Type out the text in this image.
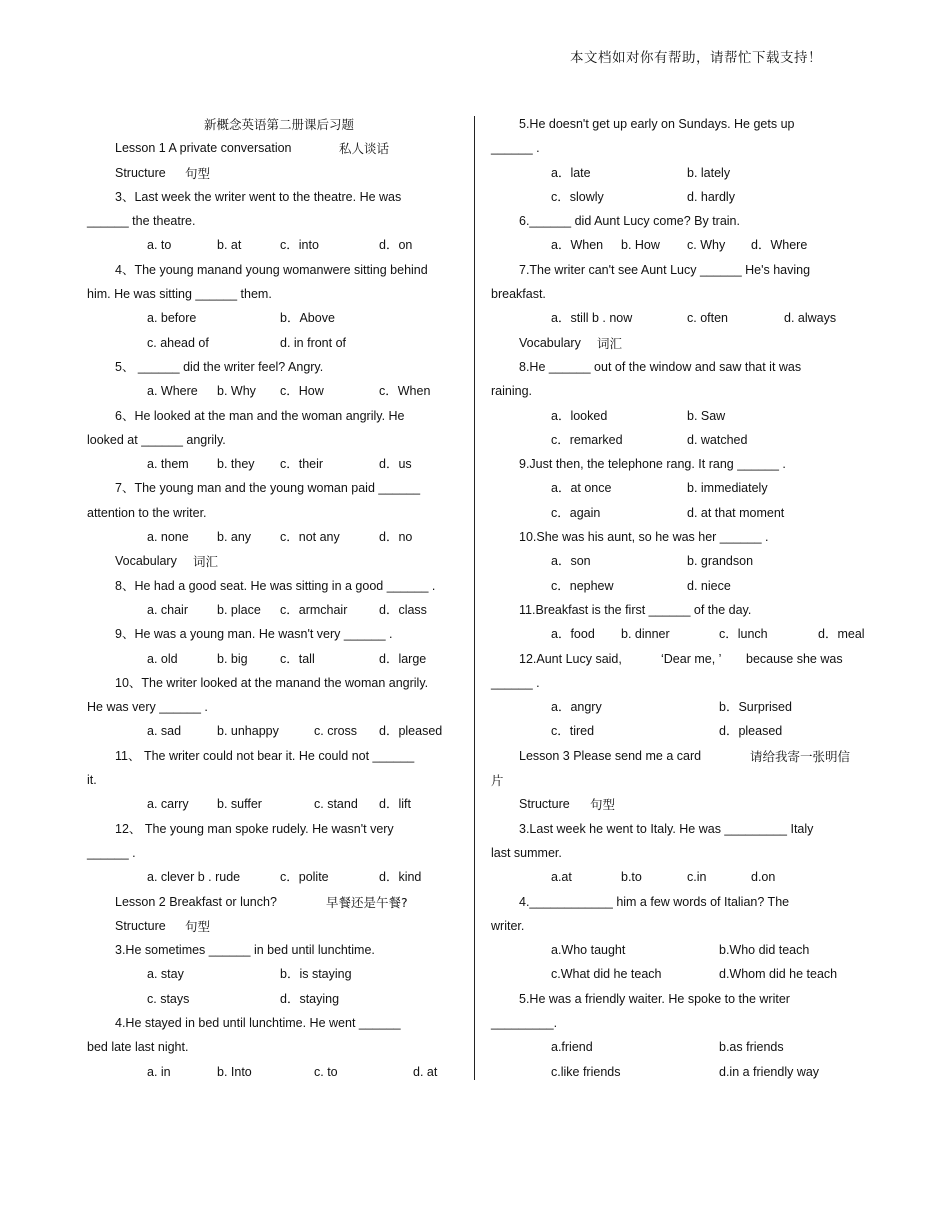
本文档如对你有帮助，请帮忙下载支持！
新概念英语第二册课后习题
Lesson 1 A private conversation	私人谈话
Structure 句型
3、Last week the writer went to the theatre. He was
______ the theatre.
a. to	b. at	c．into	d．on
4、The young manand young womanwere sitting behind
him. He was sitting ______ them.
a. before	b．Above
c. ahead of	d. in front of
5、 ______ did the writer feel? Angry.
a. Where b. Why c．How	c．When
6、He looked at the man and the woman angrily. He
looked at ______ angrily.
a. them b. they c．their	d．us
7、The young man and the young woman paid ______
attention to the writer.
a. none b. any c．not any	d．no
Vocabulary 词汇
8、He had a good seat. He was sitting in a good ______ .
a. chair b. place c．armchair	d．class
9、He was a young man. He wasn't very ______ .
a. old	b. big	c．tall	d．large
10、The writer looked at the manand the woman angrily.
He was very ______ .
a. sad	b. unhappy	c. cross d．pleased
11、 The writer could not bear it. He could not ______
it.
a. carry b. suffer	c. stand d．lift
12、 The young man spoke rudely. He wasn't very
______ .
a. clever b . rude	c．polite	d．kind
Lesson 2 Breakfast or lunch?	早餐还是午餐?
Structure 句型
3.He sometimes ______ in bed until lunchtime.
a. stay	b．is staying
c. stays	d．staying
4.He stayed in bed until lunchtime. He went ______
bed late last night.
a. in	b. Into	c. to	d. at
5.He doesn't get up early on Sundays. He gets up
______ .
a．late	b. lately
c．slowly	d. hardly
6.______ did Aunt Lucy come? By train.
a．When b. How c. Why d．Where
7.The writer can't see Aunt Lucy ______ He's having
breakfast.
a．still b . now	c. often	d. always
Vocabulary 词汇
8.He ______ out of the window and saw that it was
raining.
a．looked	b. Saw
c．remarked	d. watched
9.Just then, the telephone rang. It rang ______ .
a．at once	b. immediately
c．again	d. at that moment
10.She was his aunt, so he was her ______ .
a．son	b. grandson
c．nephew	d. niece
11.Breakfast is the first ______ of the day.
a．food b. dinner	c．lunch	d．meal
12.Aunt Lucy said,	‘Dear me, ’ because she was
______ .
a．angry	b．Surprised
c．tired	d．pleased
Lesson 3 Please send me a card	请给我寄一张明信
片
Structure 句型
3.Last week he went to Italy. He was _________ Italy
last summer.
a.at	b.to	c.in	d.on
4.____________ him a few words of Italian? The
writer.
a.Who taught	b.Who did teach
c.What did he teach	d.Whom did he teach
5.He was a friendly waiter. He spoke to the writer
_________.
a.friend	b.as friends
c.like friends	d.in a friendly way
